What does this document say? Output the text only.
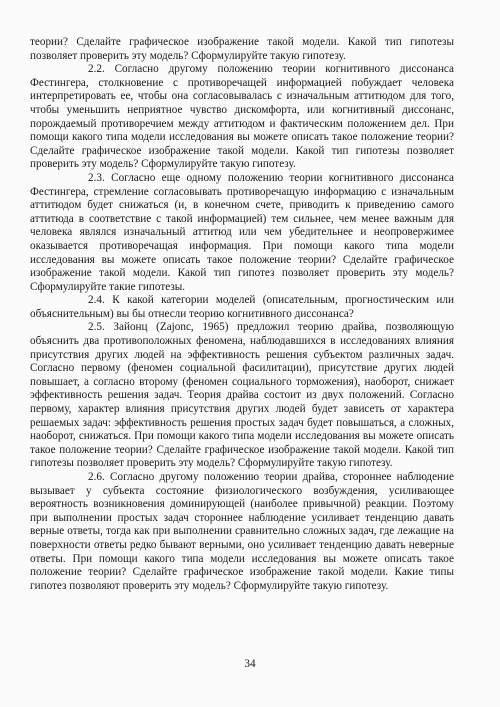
теории? Сделайте графическое изображение такой модели. Какой тип гипотезы позволяет проверить эту модель? Сформулируйте такую гипотезу.

2.2. Согласно другому положению теории когнитивного диссонанса Фестингера, столкновение с противоречащей информацией побуждает человека интерпретировать ее, чтобы она согласовывалась с изначальным аттитюдом для того, чтобы уменьшить неприятное чувство дискомфорта, или когнитивный диссонанс, порождаемый противоречием между аттитюдом и фактическим положением дел. При помощи какого типа модели исследования вы можете описать такое положение теории? Сделайте графическое изображение такой модели. Какой тип гипотезы позволяет проверить эту модель? Сформулируйте такую гипотезу.

2.3. Согласно еще одному положению теории когнитивного диссонанса Фестингера, стремление согласовывать противоречащую информацию с изначальным аттитюдом будет снижаться (и, в конечном счете, приводить к приведению самого аттитюда в соответствие с такой информацией) тем сильнее, чем менее важным для человека являлся изначальный аттитюд или чем убедительнее и неопровержимее оказывается противоречащая информация. При помощи какого типа модели исследования вы можете описать такое положение теории? Сделайте графическое изображение такой модели. Какой тип гипотез позволяет проверить эту модель? Сформулируйте такие гипотезы.

2.4. К какой категории моделей (описательным, прогностическим или объяснительным) вы бы отнесли теорию когнитивного диссонанса?

2.5. Зайонц (Zajonc, 1965) предложил теорию драйва, позволяющую объяснить два противоположных феномена, наблюдавшихся в исследованиях влияния присутствия других людей на эффективность решения субъектом различных задач. Согласно первому (феномен социальной фасилитации), присутствие других людей повышает, а согласно второму (феномен социального торможения), наоборот, снижает эффективность решения задач. Теория драйва состоит из двух положений. Согласно первому, характер влияния присутствия других людей будет зависеть от характера решаемых задач: эффективность решения простых задач будет повышаться, а сложных, наоборот, снижаться. При помощи какого типа модели исследования вы можете описать такое положение теории? Сделайте графическое изображение такой модели. Какой тип гипотезы позволяет проверить эту модель? Сформулируйте такую гипотезу.

2.6. Согласно другому положению теории драйва, стороннее наблюдение вызывает у субъекта состояние физиологического возбуждения, усиливающее вероятность возникновения доминирующей (наиболее привычной) реакции. Поэтому при выполнении простых задач стороннее наблюдение усиливает тенденцию давать верные ответы, тогда как при выполнении сравнительно сложных задач, где лежащие на поверхности ответы редко бывают верными, оно усиливает тенденцию давать неверные ответы. При помощи какого типа модели исследования вы можете описать такое положение теории? Сделайте графическое изображение такой модели. Какие типы гипотез позволяют проверить эту модель? Сформулируйте такую гипотезу.

34
